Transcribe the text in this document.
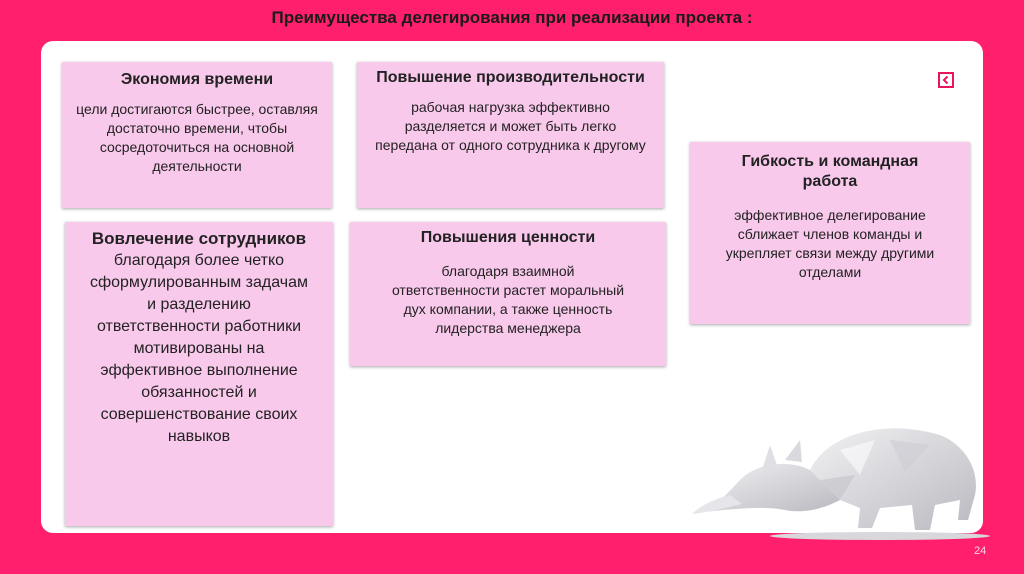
Преимущества делегирования при реализации проекта :
Экономия времени
цели достигаются быстрее, оставляя достаточно времени, чтобы сосредоточиться на основной деятельности
Повышение производительности
рабочая нагрузка эффективно разделяется и может быть легко передана от одного сотрудника к другому
Гибкость и командная работа
эффективное делегирование сближает членов команды и укрепляет связи между другими отделами
Вовлечение сотрудников
благодаря более четко сформулированным задачам и разделению ответственности работники мотивированы на эффективное выполнение обязанностей и совершенствование своих навыков
Повышения ценности
благодаря взаимной ответственности растет моральный дух компании, а также ценность лидерства менеджера
24
